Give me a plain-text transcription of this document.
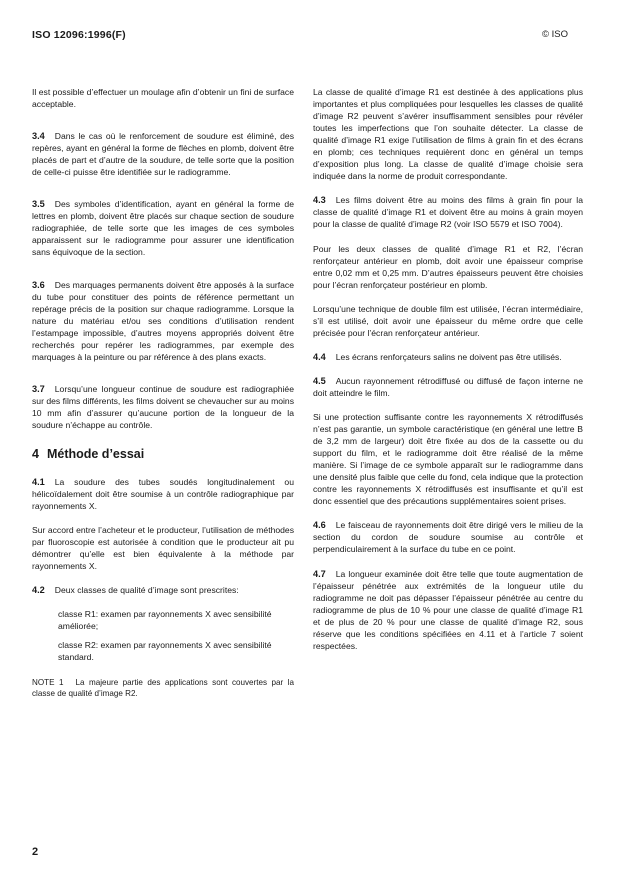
ISO 12096:1996(F)	© ISO

Il est possible d’effectuer un moulage afin d’obtenir un fini de surface acceptable.

3.4 Dans le cas où le renforcement de soudure est éliminé, des repères, ayant en général la forme de flèches en plomb, doivent être placés de part et d’autre de la soudure, de telle sorte que la position de celle-ci puisse être identifiée sur le radiogramme.

3.5 Des symboles d’identification, ayant en général la forme de lettres en plomb, doivent être placés sur chaque section de soudure radiographiée, de telle sorte que les images de ces symboles apparaissent sur le radiogramme pour assurer une identification sans équivoque de la section.

3.6 Des marquages permanents doivent être apposés à la surface du tube pour constituer des points de référence permettant un repérage précis de la position sur chaque radiogramme. Lorsque la nature du matériau et/ou ses conditions d’utilisation rendent l’estampage impossible, d’autres moyens appropriés doivent être recherchés pour repérer les radiogrammes, par exemple des marquages à la peinture ou par référence à des plans exacts.

3.7 Lorsqu’une longueur continue de soudure est radiographiée sur des films différents, les films doivent se chevaucher sur au moins 10 mm afin d’assurer qu’aucune portion de la longueur de la soudure n’échappe au contrôle.

4 Méthode d’essai

4.1 La soudure des tubes soudés longitudinalement ou hélicoïdalement doit être soumise à un contrôle radiographique par rayonnements X.

Sur accord entre l’acheteur et le producteur, l’utilisation de méthodes par fluoroscopie est autorisée à condition que le producteur ait pu démontrer qu’elle est bien équivalente à la méthode par rayonnements X.

4.2 Deux classes de qualité d’image sont prescrites:

classe R1: examen par rayonnements X avec sensibilité améliorée;
classe R2: examen par rayonnements X avec sensibilité standard.
NOTE 1 La majeure partie des applications sont couvertes par la classe de qualité d’image R2.

La classe de qualité d’image R1 est destinée à des applications plus importantes et plus compliquées pour lesquelles les classes de qualité d’image R2 peuvent s’avérer insuffisamment sensibles pour révéler toutes les imperfections que l’on souhaite détecter. La classe de qualité d’image R1 exige l’utilisation de films à grain fin et des écrans en plomb; ces techniques requièrent donc en général un temps d’exposition plus long. La classe de qualité d’image choisie sera indiquée dans la norme de produit correspondante.

4.3 Les films doivent être au moins des films à grain fin pour la classe de qualité d’image R1 et doivent être au moins à grain moyen pour la classe de qualité d’image R2 (voir ISO 5579 et ISO 7004).

Pour les deux classes de qualité d’image R1 et R2, l’écran renforçateur antérieur en plomb, doit avoir une épaisseur comprise entre 0,02 mm et 0,25 mm. D’autres épaisseurs peuvent être choisies pour l’écran renforçateur postérieur en plomb.

Lorsqu’une technique de double film est utilisée, l’écran intermédiaire, s’il est utilisé, doit avoir une épaisseur du même ordre que celle précisée pour l’écran renforçateur antérieur.

4.4 Les écrans renforçateurs salins ne doivent pas être utilisés.

4.5 Aucun rayonnement rétrodiffusé ou diffusé de façon interne ne doit atteindre le film.

Si une protection suffisante contre les rayonnements X rétrodiffusés n’est pas garantie, un symbole caractéristique (en général une lettre B de 3,2 mm de largeur) doit être fixée au dos de la cassette ou du support du film, et le radiogramme doit être réalisé de la même manière. Si l’image de ce symbole apparaît sur le radiogramme dans une densité plus faible que celle du fond, cela indique que la protection contre les rayonnements X rétrodiffusés est insuffisante et qu’il est donc essentiel que des précautions supplémentaires soient prises.

4.6 Le faisceau de rayonnements doit être dirigé vers le milieu de la section du cordon de soudure soumise au contrôle et perpendiculairement à la surface du tube en ce point.

4.7 La longueur examinée doit être telle que toute augmentation de l’épaisseur pénétrée aux extrémités de la longueur utile du radiogramme ne doit pas dépasser l’épaisseur pénétrée au centre du radiogramme de plus de 10 % pour une classe de qualité d’image R1 et de plus de 20 % pour une classe de qualité d’image R2, sous réserve que les conditions spécifiées en 4.11 et à l’article 7 soient respectées.

2
